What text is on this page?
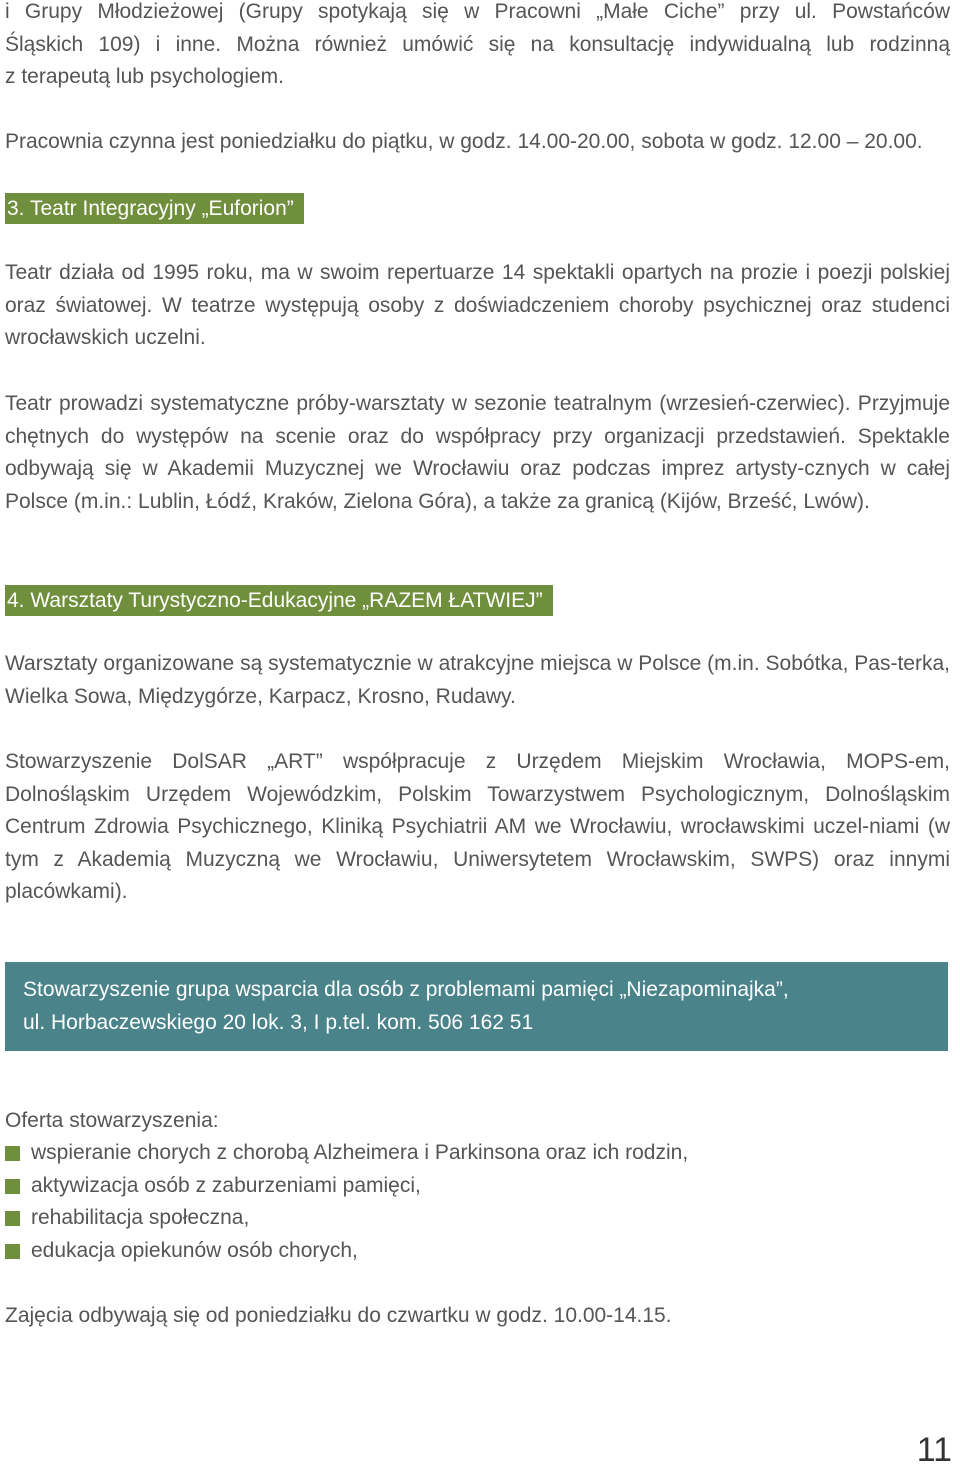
i Grupy Młodzieżowej (Grupy spotykają się w Pracowni „Małe Ciche” przy ul. Powstańców

Śląskich 109) i inne. Można również umówić się na konsultację indywidualną lub rodzinną

z terapeutą lub psychologiem.

Pracownia czynna jest poniedziałku do piątku, w godz. 14.00-20.00, sobota w godz. 12.00 – 20.00.

3. Teatr Integracyjny „Euforion”

Teatr działa od 1995 roku, ma w swoim repertuarze 14 spektakli opartych na prozie i poezji polskiej oraz światowej. W teatrze występują osoby z doświadczeniem choroby psychicznej oraz studenci wrocławskich uczelni.

Teatr prowadzi systematyczne próby-warsztaty w sezonie teatralnym (wrzesień-czerwiec). Przyjmuje chętnych do występów na scenie oraz do współpracy przy organizacji przedstawień. Spektakle odbywają się w Akademii Muzycznej we Wrocławiu oraz podczas imprez artysty-cznych w całej Polsce (m.in.: Lublin, Łódź, Kraków, Zielona Góra), a także za granicą (Kijów, Brześć, Lwów).

4. Warsztaty Turystyczno-Edukacyjne „RAZEM ŁATWIEJ”

Warsztaty organizowane są systematycznie w atrakcyjne miejsca w Polsce (m.in. Sobótka, Pas-terka, Wielka Sowa, Międzygórze, Karpacz, Krosno, Rudawy.

Stowarzyszenie DolSAR „ART” współpracuje z Urzędem Miejskim Wrocławia, MOPS-em, Dolnośląskim Urzędem Wojewódzkim, Polskim Towarzystwem Psychologicznym, Dolnośląskim Centrum Zdrowia Psychicznego, Kliniką Psychiatrii AM we Wrocławiu, wrocławskimi uczel-niami (w tym z Akademią Muzyczną we Wrocławiu, Uniwersytetem Wrocławskim, SWPS) oraz innymi placówkami).

Stowarzyszenie grupa wsparcia dla osób z problemami pamięci „Niezapominajka”,
ul. Horbaczewskiego 20 lok. 3, I p.tel. kom. 506 162 51

Oferta stowarzyszenia:

wspieranie chorych z chorobą Alzheimera i Parkinsona oraz ich rodzin,
aktywizacja osób z zaburzeniami pamięci,
rehabilitacja społeczna,
edukacja opiekunów osób chorych,

Zajęcia odbywają się od poniedziałku do czwartku w godz. 10.00-14.15.

11
